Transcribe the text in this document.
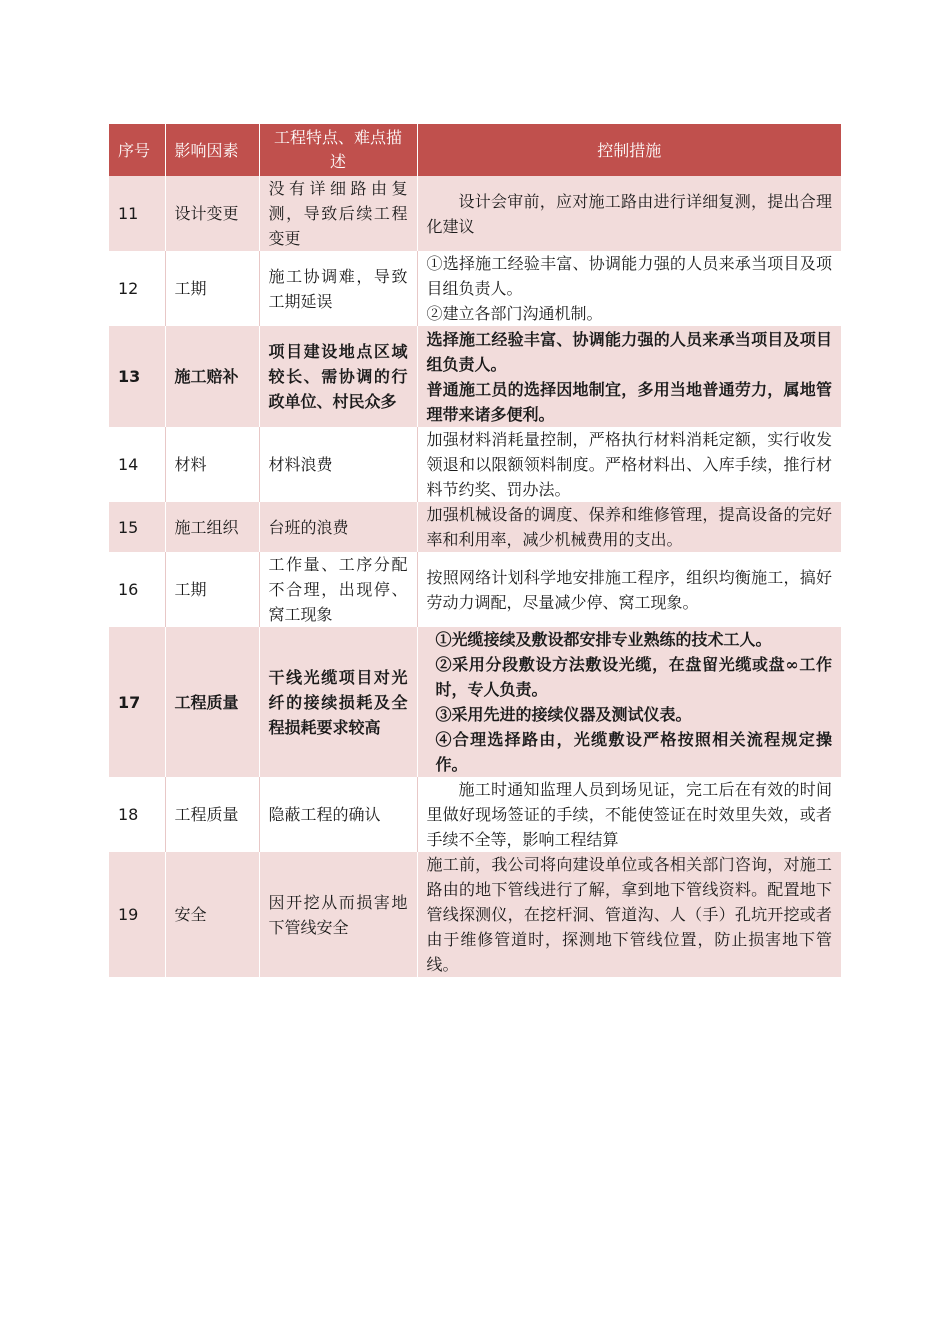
序号	影响因素	工程特点、难点描述	控制措施
11	设计变更	没有详细路由复测，导致后续工程变更	设计会审前，应对施工路由进行详细复测，提出合理化建议

12	工期	施工协调难，导致工期延误	①选择施工经验丰富、协调能力强的人员来承当项目及项目组负责人。
②建立各部门沟通机制。

13	施工赔补	项目建设地点区域较长、需协调的行政单位、村民众多	选择施工经验丰富、协调能力强的人员来承当项目及项目组负责人。
普通施工员的选择因地制宜，多用当地普通劳力，属地管理带来诸多便利。

14	材料	材料浪费	加强材料消耗量控制，严格执行材料消耗定额，实行收发领退和以限额领料制度。严格材料出、入库手续，推行材料节约奖、罚办法。

15	施工组织	台班的浪费	加强机械设备的调度、保养和维修管理，提高设备的完好率和利用率，减少机械费用的支出。

16	工期	工作量、工序分配不合理，出现停、窝工现象	按照网络计划科学地安排施工程序，组织均衡施工，搞好劳动力调配，尽量减少停、窝工现象。

17	工程质量	干线光缆项目对光纤的接续损耗及全程损耗要求较高	①光缆接续及敷设都安排专业熟练的技术工人。
②采用分段敷设方法敷设光缆，在盘留光缆或盘∞工作时，专人负责。
③采用先进的接续仪器及测试仪表。
④合理选择路由，光缆敷设严格按照相关流程规定操作。

18	工程质量	隐蔽工程的确认	施工时通知监理人员到场见证，完工后在有效的时间里做好现场签证的手续，不能使签证在时效里失效，或者手续不全等，影响工程结算

19	安全	因开挖从而损害地下管线安全	施工前，我公司将向建设单位或各相关部门咨询，对施工路由的地下管线进行了解，拿到地下管线资料。配置地下管线探测仪，在挖杆洞、管道沟、人（手）孔坑开挖或者由于维修管道时，探测地下管线位置，防止损害地下管线。
